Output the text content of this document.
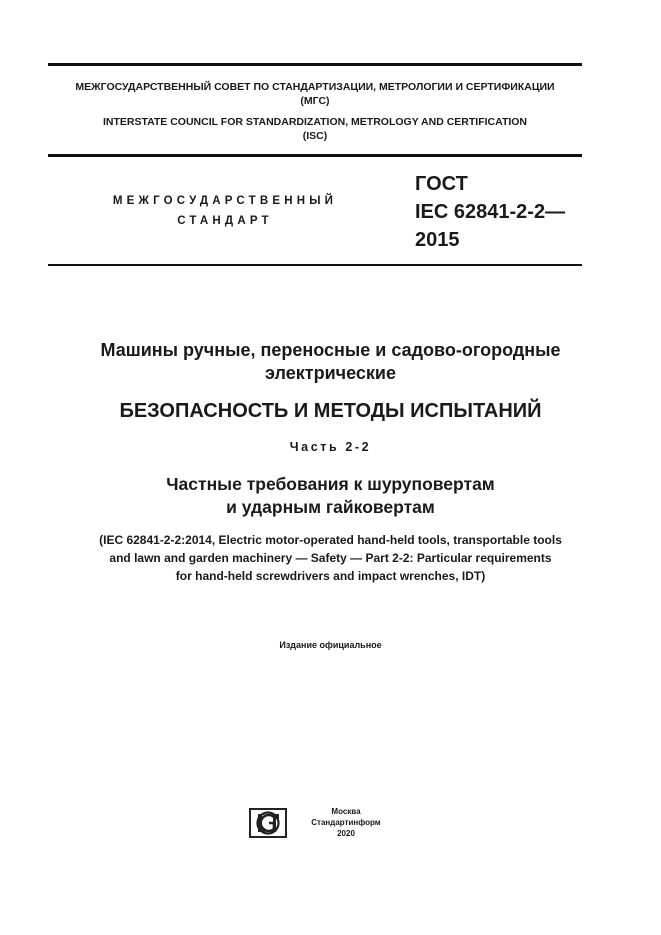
МЕЖГОСУДАРСТВЕННЫЙ СОВЕТ ПО СТАНДАРТИЗАЦИИ, МЕТРОЛОГИИ И СЕРТИФИКАЦИИ
(МГС)
INTERSTATE COUNCIL FOR STANDARDIZATION, METROLOGY AND CERTIFICATION
(ISC)
МЕЖГОСУДАРСТВЕННЫЙ
СТАНДАРТ
ГОСТ
IEC 62841-2-2—
2015
Машины ручные, переносные и садово-огородные
электрические
БЕЗОПАСНОСТЬ И МЕТОДЫ ИСПЫТАНИЙ
Часть 2-2
Частные требования к шуруповертам
и ударным гайковертам
(IEC 62841-2-2:2014, Electric motor-operated hand-held tools, transportable tools
and lawn and garden machinery — Safety — Part 2-2: Particular requirements
for hand-held screwdrivers and impact wrenches, IDT)
Издание официальное
Москва
Стандартинформ
2020
